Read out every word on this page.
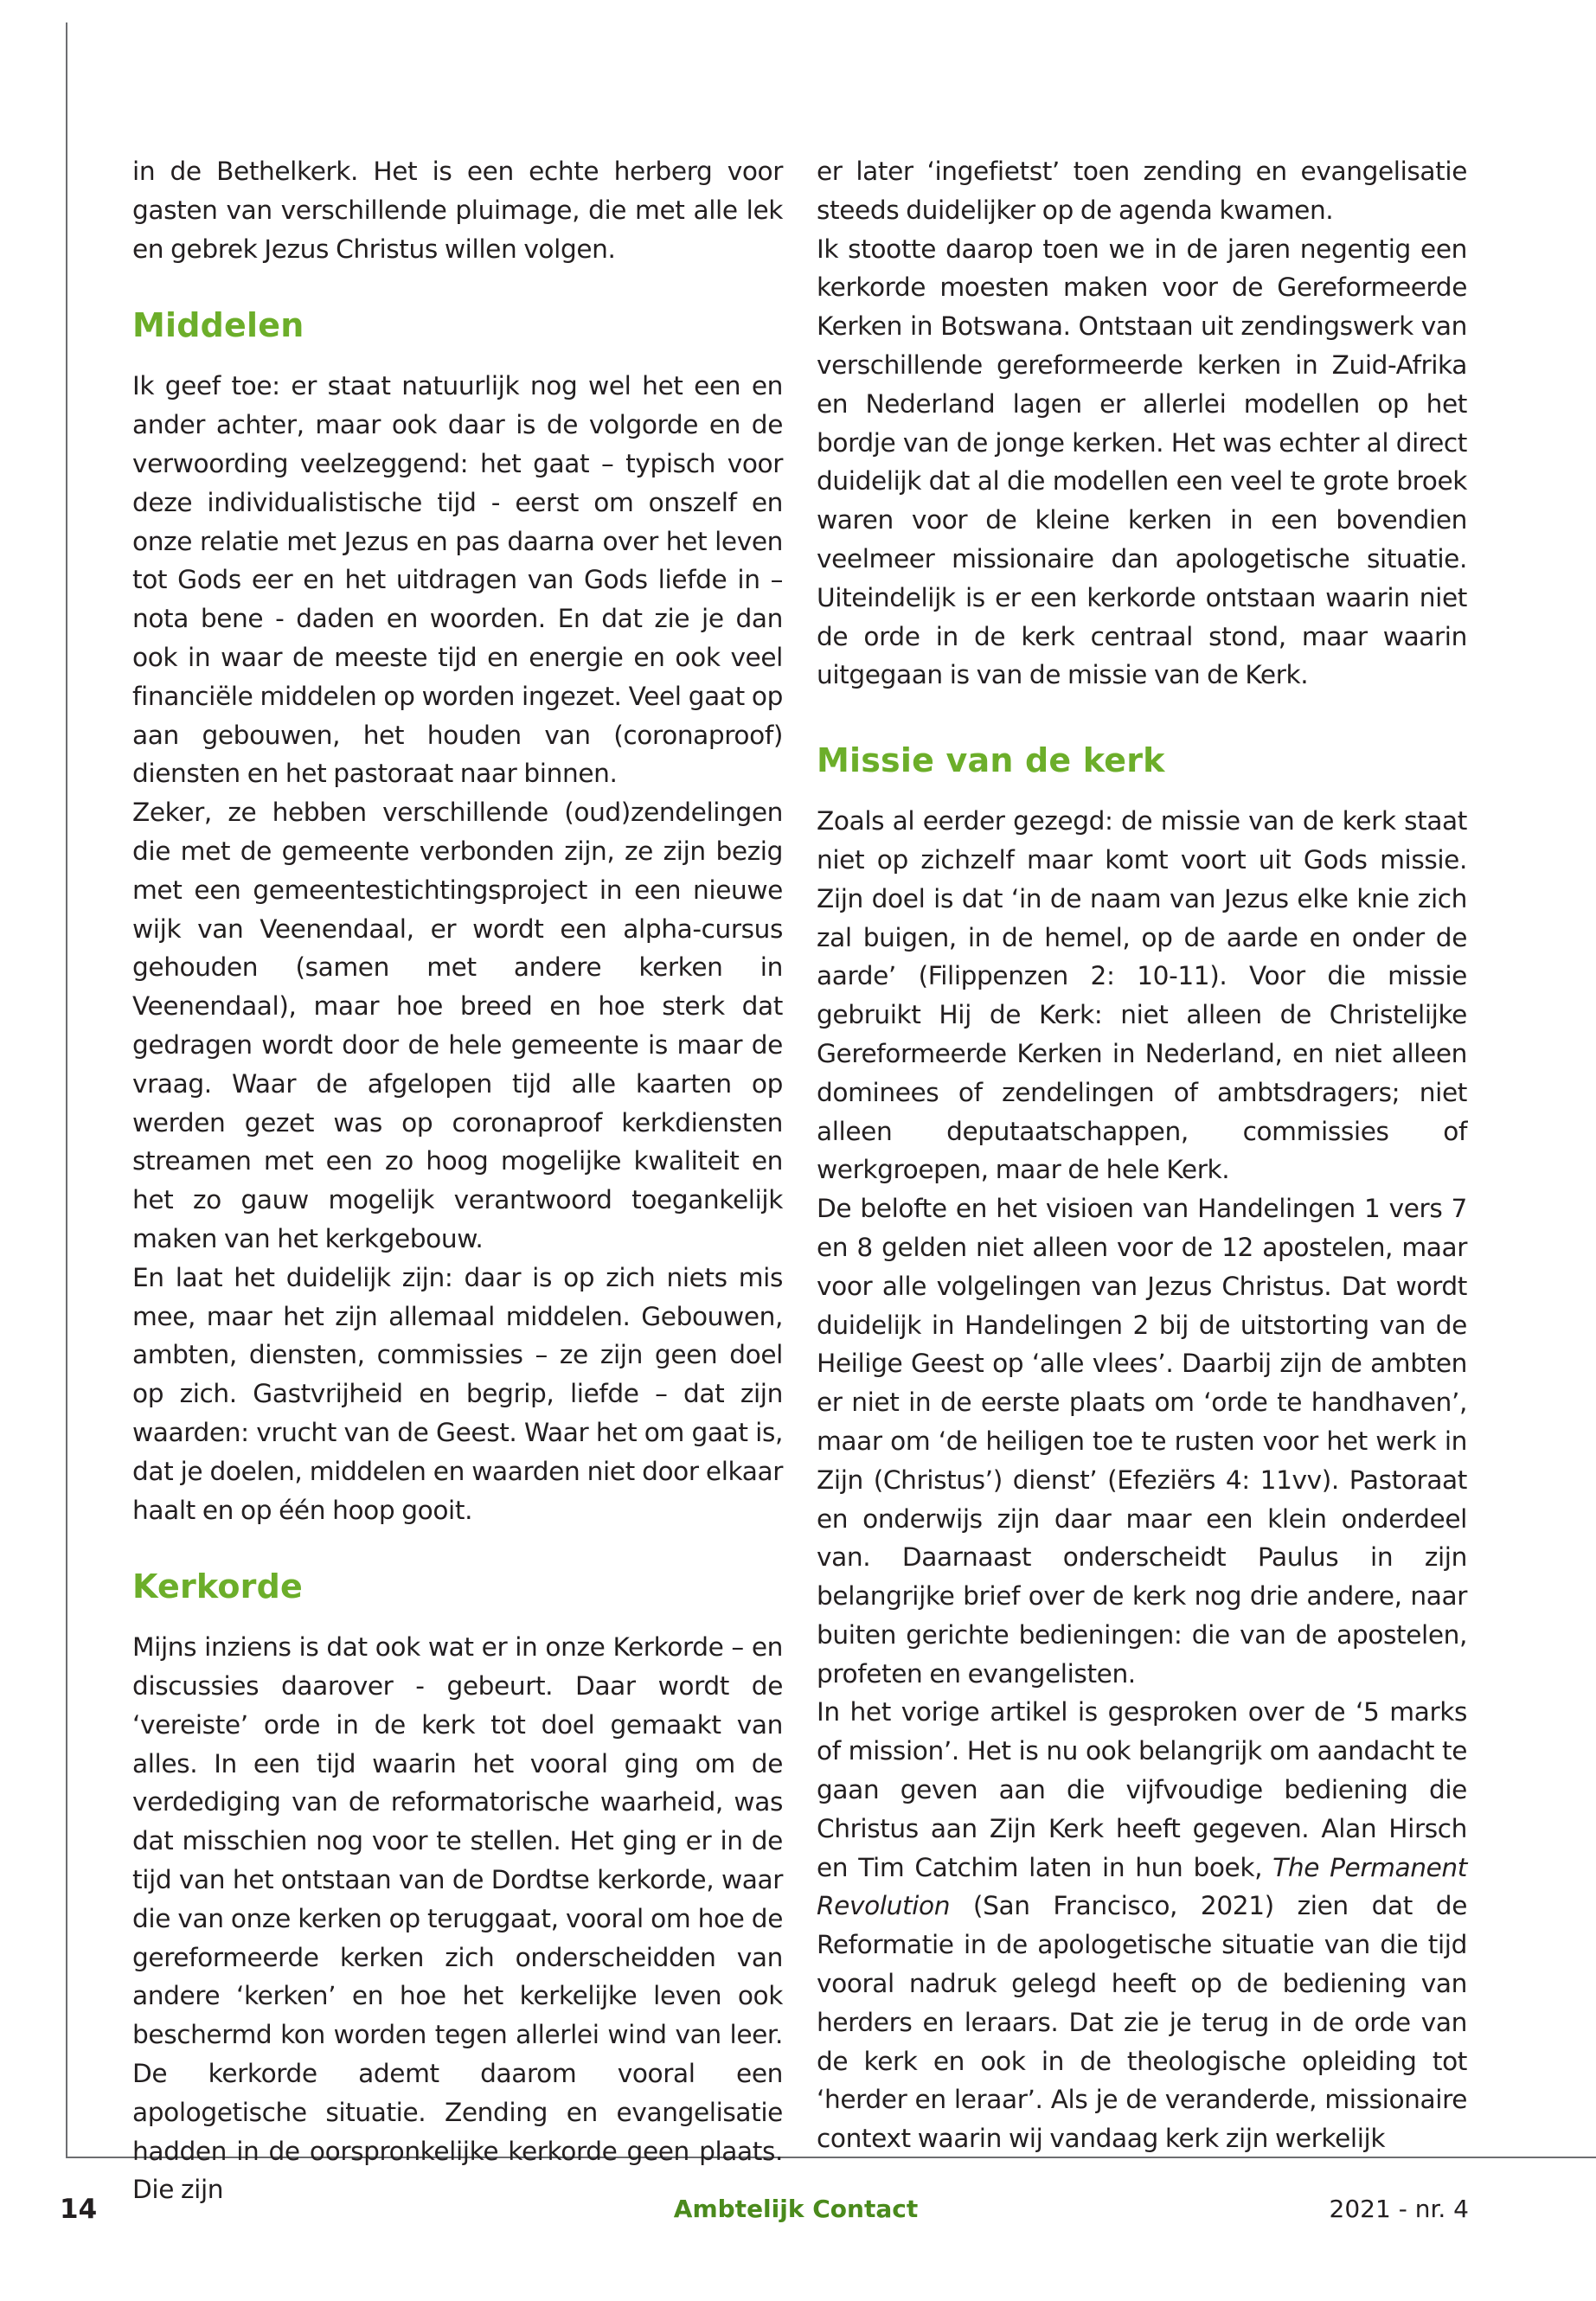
in de Bethelkerk. Het is een echte herberg voor gasten van verschillende pluimage, die met alle lek en gebrek Jezus Christus willen volgen.

Middelen

Ik geef toe: er staat natuurlijk nog wel het een en ander achter, maar ook daar is de volgorde en de verwoording veelzeggend: het gaat – typisch voor deze individualistische tijd - eerst om onszelf en onze relatie met Jezus en pas daarna over het leven tot Gods eer en het uitdragen van Gods liefde in – nota bene - daden en woorden. En dat zie je dan ook in waar de meeste tijd en energie en ook veel financiële middelen op worden ingezet. Veel gaat op aan gebouwen, het houden van (coronaproof) diensten en het pastoraat naar binnen.

Zeker, ze hebben verschillende (oud)zendelingen die met de gemeente verbonden zijn, ze zijn bezig met een gemeentestichtingsproject in een nieuwe wijk van Veenendaal, er wordt een alpha-cursus gehouden (samen met andere kerken in Veenendaal), maar hoe breed en hoe sterk dat gedragen wordt door de hele gemeente is maar de vraag. Waar de afgelopen tijd alle kaarten op werden gezet was op coronaproof kerkdiensten streamen met een zo hoog mogelijke kwaliteit en het zo gauw mogelijk verantwoord toegankelijk maken van het kerkgebouw.

En laat het duidelijk zijn: daar is op zich niets mis mee, maar het zijn allemaal middelen. Gebouwen, ambten, diensten, commissies – ze zijn geen doel op zich. Gastvrijheid en begrip, liefde – dat zijn waarden: vrucht van de Geest. Waar het om gaat is, dat je doelen, middelen en waarden niet door elkaar haalt en op één hoop gooit.

Kerkorde

Mijns inziens is dat ook wat er in onze Kerkorde – en discussies daarover - gebeurt. Daar wordt de ‘vereiste’ orde in de kerk tot doel gemaakt van alles. In een tijd waarin het vooral ging om de verdediging van de reformatorische waarheid, was dat misschien nog voor te stellen. Het ging er in de tijd van het ontstaan van de Dordtse kerkorde, waar die van onze kerken op teruggaat, vooral om hoe de gereformeerde kerken zich onderscheidden van andere ‘kerken’ en hoe het kerkelijke leven ook beschermd kon worden tegen allerlei wind van leer. De kerkorde ademt daarom vooral een apologetische situatie. Zending en evangelisatie hadden in de oorspronkelijke kerkorde geen plaats. Die zijn

er later ‘ingefietst’ toen zending en evangelisatie steeds duidelijker op de agenda kwamen.

Ik stootte daarop toen we in de jaren negentig een kerkorde moesten maken voor de Gereformeerde Kerken in Botswana. Ontstaan uit zendingswerk van verschillende gereformeerde kerken in Zuid-Afrika en Nederland lagen er allerlei modellen op het bordje van de jonge kerken. Het was echter al direct duidelijk dat al die modellen een veel te grote broek waren voor de kleine kerken in een bovendien veelmeer missionaire dan apologetische situatie. Uiteindelijk is er een kerkorde ontstaan waarin niet de orde in de kerk centraal stond, maar waarin uitgegaan is van de missie van de Kerk.

Missie van de kerk

Zoals al eerder gezegd: de missie van de kerk staat niet op zichzelf maar komt voort uit Gods missie. Zijn doel is dat ‘in de naam van Jezus elke knie zich zal buigen, in de hemel, op de aarde en onder de aarde’ (Filippenzen 2: 10-11). Voor die missie gebruikt Hij de Kerk: niet alleen de Christelijke Gereformeerde Kerken in Nederland, en niet alleen dominees of zendelingen of ambtsdragers; niet alleen deputaatschappen, commissies of werkgroepen, maar de hele Kerk.

De belofte en het visioen van Handelingen 1 vers 7 en 8 gelden niet alleen voor de 12 apostelen, maar voor alle volgelingen van Jezus Christus. Dat wordt duidelijk in Handelingen 2 bij de uitstorting van de Heilige Geest op ‘alle vlees’. Daarbij zijn de ambten er niet in de eerste plaats om ‘orde te handhaven’, maar om ‘de heiligen toe te rusten voor het werk in Zijn (Christus’) dienst’ (Efeziërs 4: 11vv). Pastoraat en onderwijs zijn daar maar een klein onderdeel van. Daarnaast onderscheidt Paulus in zijn belangrijke brief over de kerk nog drie andere, naar buiten gerichte bedieningen: die van de apostelen, profeten en evangelisten.

In het vorige artikel is gesproken over de ‘5 marks of mission’. Het is nu ook belangrijk om aandacht te gaan geven aan die vijfvoudige bediening die Christus aan Zijn Kerk heeft gegeven. Alan Hirsch en Tim Catchim laten in hun boek, The Permanent Revolution (San Francisco, 2021) zien dat de Reformatie in de apologetische situatie van die tijd vooral nadruk gelegd heeft op de bediening van herders en leraars. Dat zie je terug in de orde van de kerk en ook in de theologische opleiding tot ‘herder en leraar’. Als je de veranderde, missionaire context waarin wij vandaag kerk zijn werkelijk

14	Ambtelijk Contact	2021 - nr. 4
